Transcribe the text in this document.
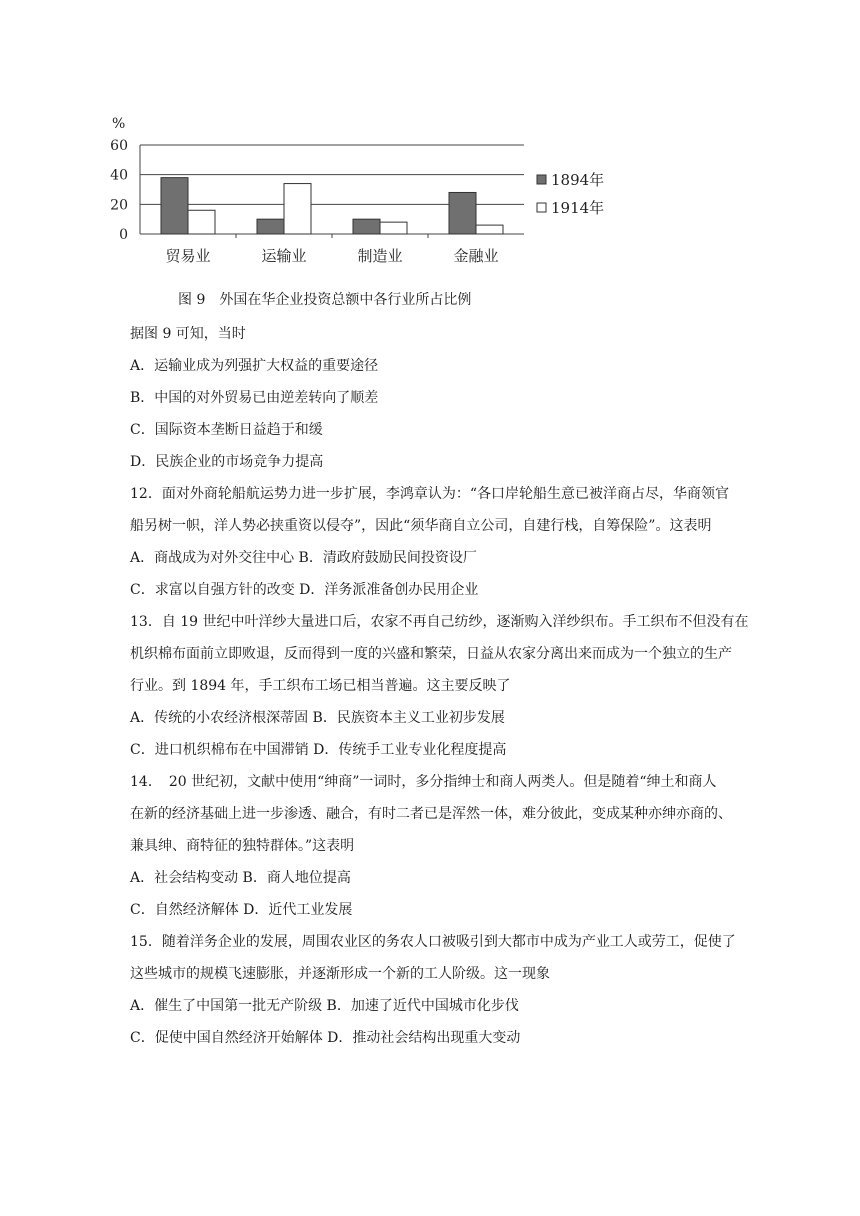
60
40
20
0
%
贸易业	运输业	制造业	金融业
1894年
1914年
图 9　外国在华企业投资总额中各行业所占比例
据图 9 可知，当时
A．运输业成为列强扩大权益的重要途径
B．中国的对外贸易已由逆差转向了顺差
C．国际资本垄断日益趋于和缓
D．民族企业的市场竞争力提高
12．面对外商轮船航运势力进一步扩展，李鸿章认为：“各口岸轮船生意已被洋商占尽，华商领官
船另树一帜，洋人势必挟重资以侵夺”，因此“须华商自立公司，自建行栈，自筹保险”。这表明
A．商战成为对外交往中心 B．清政府鼓励民间投资设厂
C．求富以自强方针的改变 D．洋务派准备创办民用企业
13．自 19 世纪中叶洋纱大量进口后，农家不再自己纺纱，逐渐购入洋纱织布。手工织布不但没有在
机织棉布面前立即败退，反而得到一度的兴盛和繁荣，日益从农家分离出来而成为一个独立的生产
行业。到 1894 年，手工织布工场已相当普遍。这主要反映了
A．传统的小农经济根深蒂固 B．民族资本主义工业初步发展
C．进口机织棉布在中国滞销 D．传统手工业专业化程度提高
14．　20 世纪初，文献中使用“绅商”一词时，多分指绅士和商人两类人。但是随着“绅土和商人
在新的经济基础上进一步渗透、融合，有时二者已是浑然一体，难分彼此，变成某种亦绅亦商的、
兼具绅、商特征的独特群体。”这表明
A．社会结构变动 B．商人地位提高
C．自然经济解体 D．近代工业发展
15．随着洋务企业的发展，周围农业区的务农人口被吸引到大都市中成为产业工人或劳工，促使了
这些城市的规模飞速膨胀，并逐渐形成一个新的工人阶级。这一现象
A．催生了中国第一批无产阶级 B．加速了近代中国城市化步伐
C．促使中国自然经济开始解体 D．推动社会结构出现重大变动
